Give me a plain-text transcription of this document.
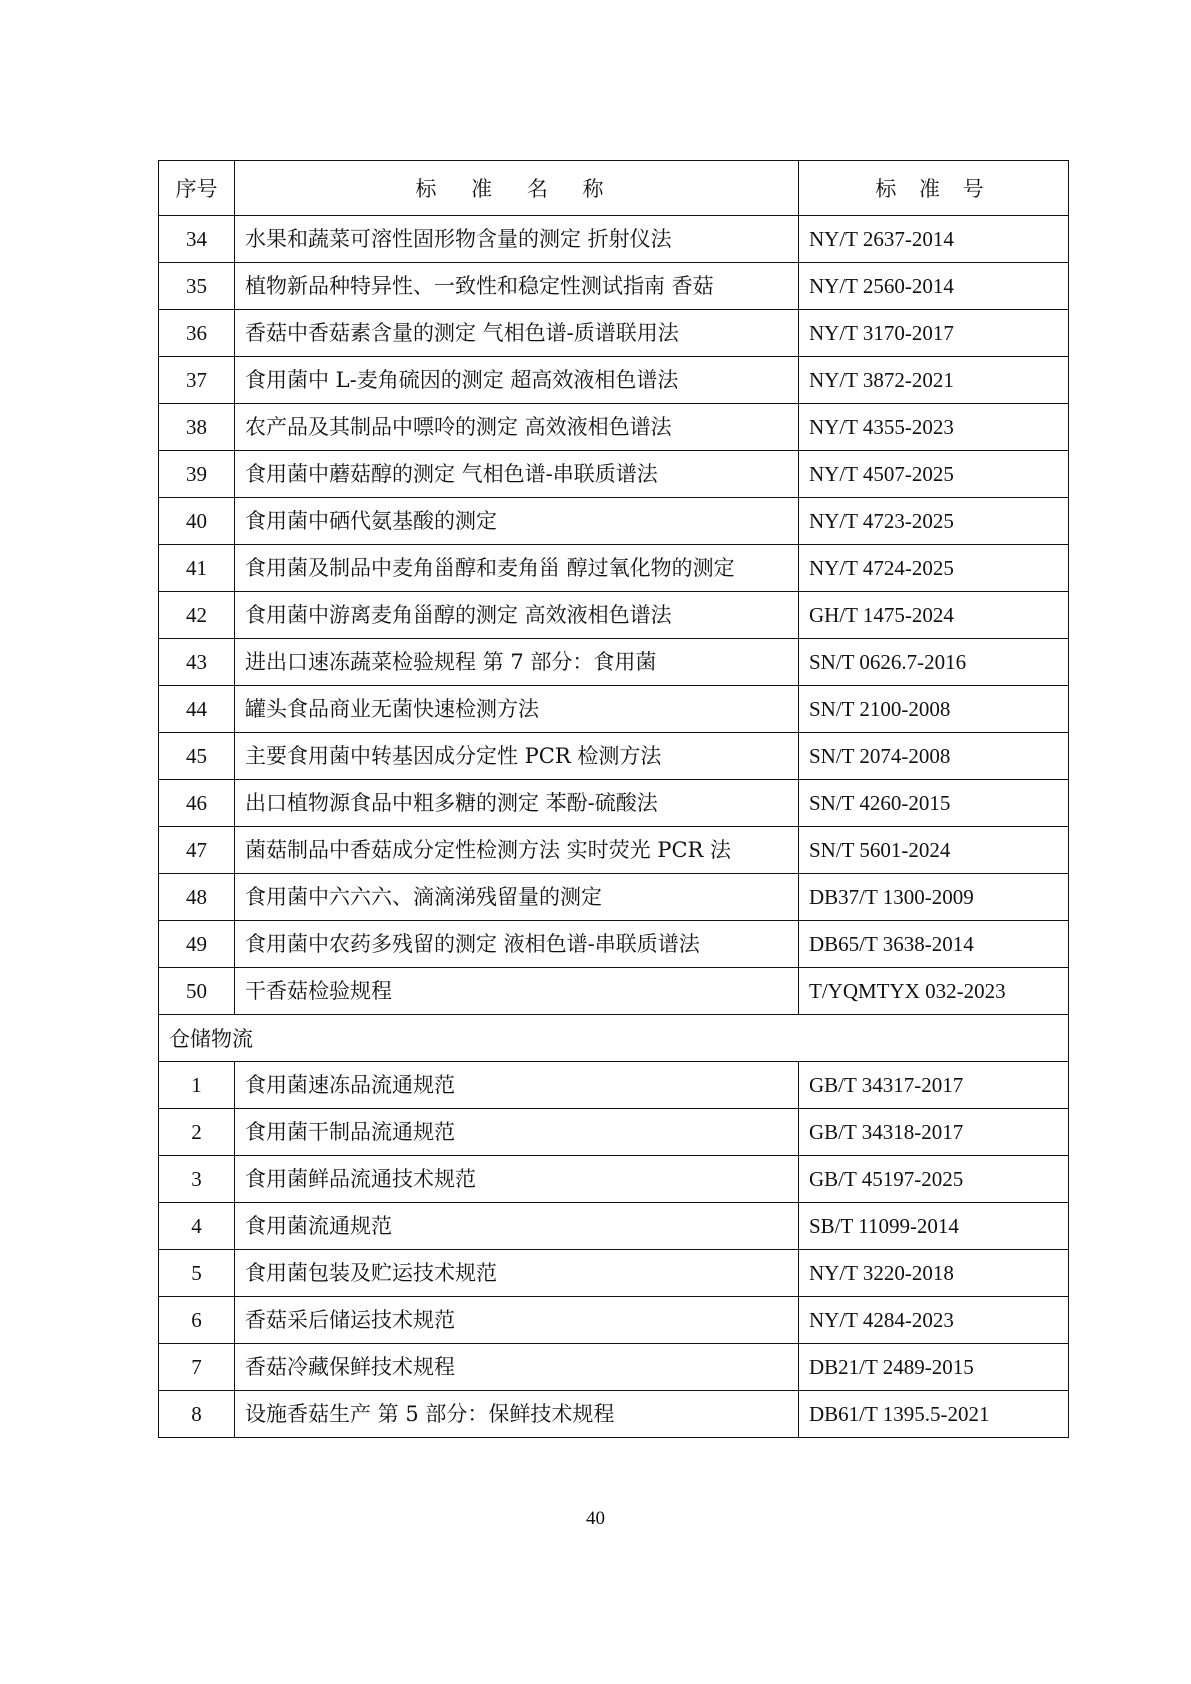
序号	标 准 名 称	标 准 号
34	水果和蔬菜可溶性固形物含量的测定 折射仪法	NY/T 2637-2014
35	植物新品种特异性、一致性和稳定性测试指南 香菇	NY/T 2560-2014
36	香菇中香菇素含量的测定 气相色谱-质谱联用法	NY/T 3170-2017
37	食用菌中 L-麦角硫因的测定 超高效液相色谱法	NY/T 3872-2021
38	农产品及其制品中嘌呤的测定 高效液相色谱法	NY/T 4355-2023
39	食用菌中蘑菇醇的测定 气相色谱-串联质谱法	NY/T 4507-2025
40	食用菌中硒代氨基酸的测定	NY/T 4723-2025
41	食用菌及制品中麦角甾醇和麦角甾 醇过氧化物的测定	NY/T 4724-2025
42	食用菌中游离麦角甾醇的测定 高效液相色谱法	GH/T 1475-2024
43	进出口速冻蔬菜检验规程 第 7 部分：食用菌	SN/T 0626.7-2016
44	罐头食品商业无菌快速检测方法	SN/T 2100-2008
45	主要食用菌中转基因成分定性 PCR 检测方法	SN/T 2074-2008
46	出口植物源食品中粗多糖的测定 苯酚-硫酸法	SN/T 4260-2015
47	菌菇制品中香菇成分定性检测方法 实时荧光 PCR 法	SN/T 5601-2024
48	食用菌中六六六、滴滴涕残留量的测定	DB37/T 1300-2009
49	食用菌中农药多残留的测定 液相色谱-串联质谱法	DB65/T 3638-2014
50	干香菇检验规程	T/YQMTYX 032-2023
仓储物流		
1	食用菌速冻品流通规范	GB/T 34317-2017
2	食用菌干制品流通规范	GB/T 34318-2017
3	食用菌鲜品流通技术规范	GB/T 45197-2025
4	食用菌流通规范	SB/T 11099-2014
5	食用菌包装及贮运技术规范	NY/T 3220-2018
6	香菇采后储运技术规范	NY/T 4284-2023
7	香菇冷藏保鲜技术规程	DB21/T 2489-2015
8	设施香菇生产 第 5 部分：保鲜技术规程	DB61/T 1395.5-2021
40
